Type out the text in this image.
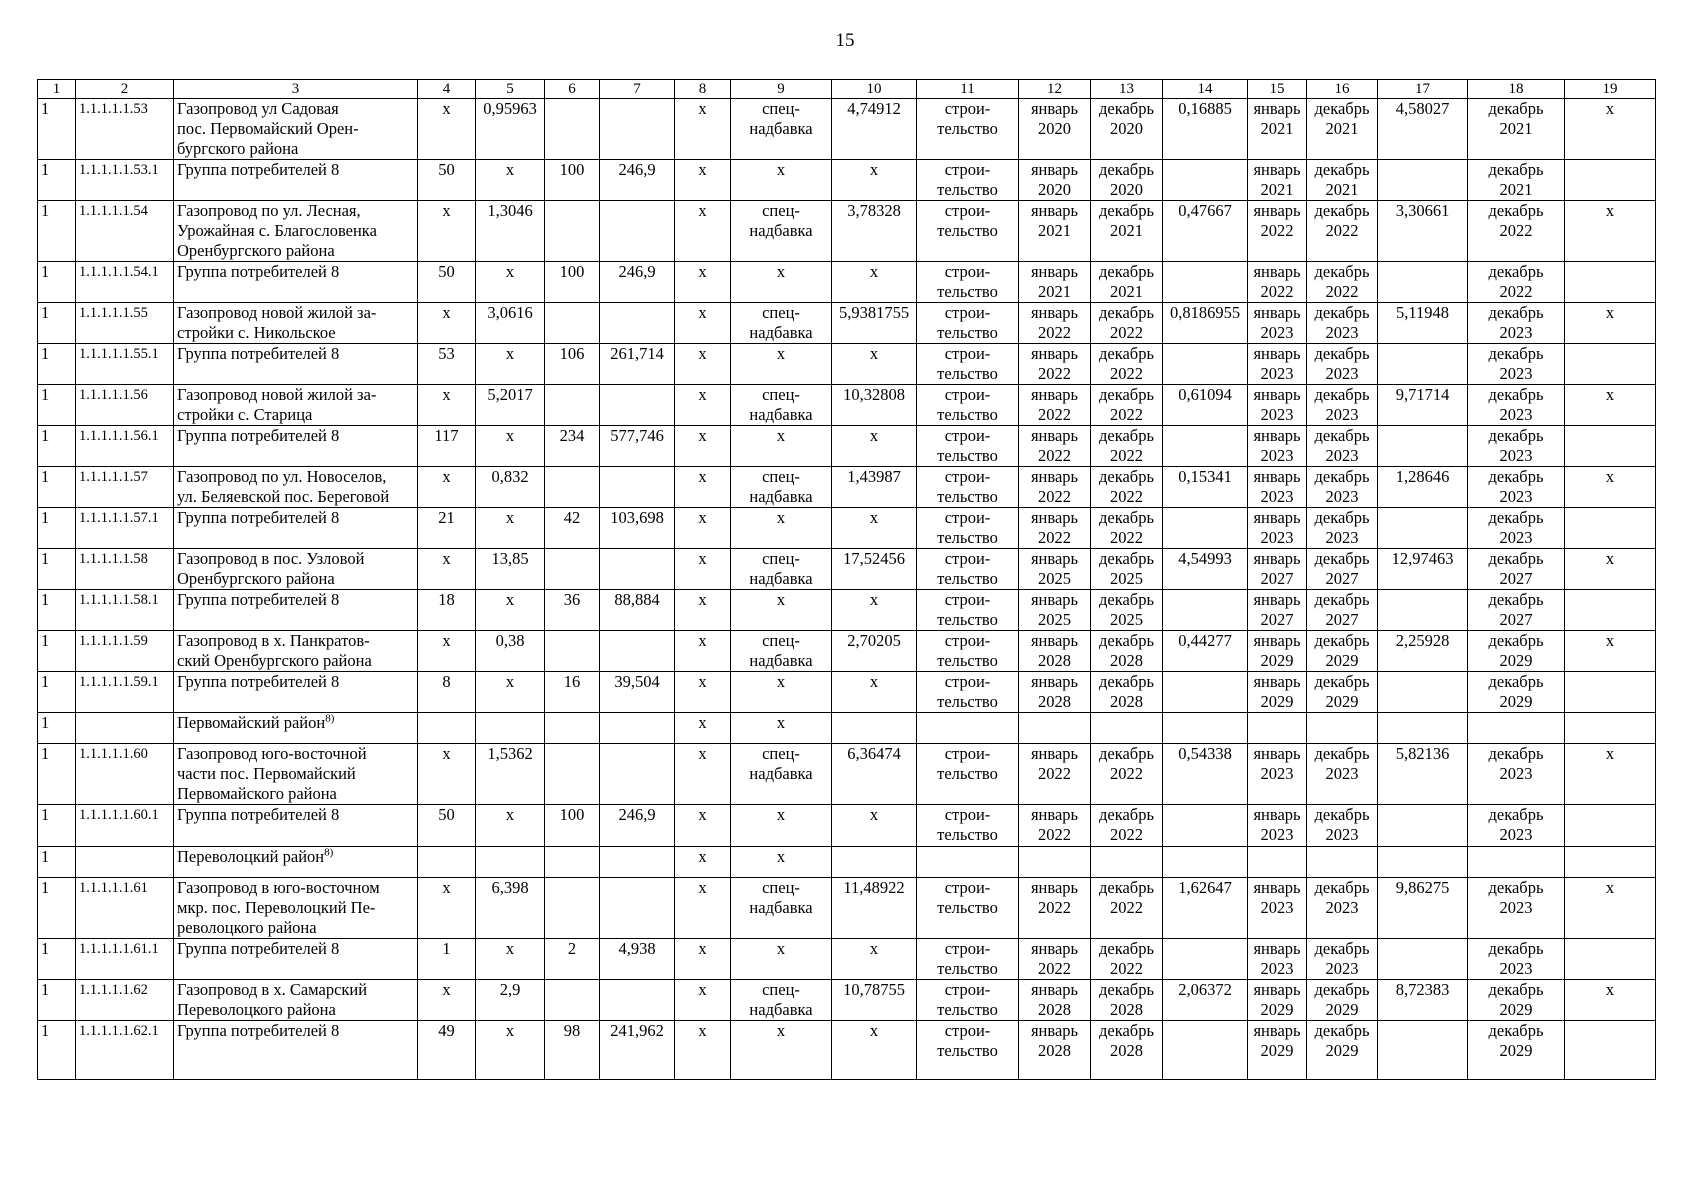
15
1	2	3	4	5	6	7	8	9	10	11	12	13	14	15	16	17	18	19
1	1.1.1.1.1.53	Газопровод ул Садовая
пос. Первомайский Орен-
бургского района	х	0,95963			х	спец-
надбавка	4,74912	строи-
тельство	январь
2020	декабрь
2020	0,16885	январь
2021	декабрь
2021	4,58027	декабрь
2021	х
1	1.1.1.1.1.53.1	Группа потребителей 8	50	х	100	246,9	х	х	х	строи-
тельство	январь
2020	декабрь
2020		январь
2021	декабрь
2021		декабрь
2021	
1	1.1.1.1.1.54	Газопровод по ул. Лесная,
Урожайная с. Благословенка
Оренбургского района	х	1,3046			х	спец-
надбавка	3,78328	строи-
тельство	январь
2021	декабрь
2021	0,47667	январь
2022	декабрь
2022	3,30661	декабрь
2022	х
1	1.1.1.1.1.54.1	Группа потребителей 8	50	х	100	246,9	х	х	х	строи-
тельство	январь
2021	декабрь
2021		январь
2022	декабрь
2022		декабрь
2022	
1	1.1.1.1.1.55	Газопровод новой жилой за-
стройки с. Никольское	х	3,0616			х	спец-
надбавка	5,9381755	строи-
тельство	январь
2022	декабрь
2022	0,8186955	январь
2023	декабрь
2023	5,11948	декабрь
2023	х
1	1.1.1.1.1.55.1	Группа потребителей 8	53	х	106	261,714	х	х	х	строи-
тельство	январь
2022	декабрь
2022		январь
2023	декабрь
2023		декабрь
2023	
1	1.1.1.1.1.56	Газопровод новой жилой за-
стройки с. Старица	х	5,2017			х	спец-
надбавка	10,32808	строи-
тельство	январь
2022	декабрь
2022	0,61094	январь
2023	декабрь
2023	9,71714	декабрь
2023	х
1	1.1.1.1.1.56.1	Группа потребителей 8	117	х	234	577,746	х	х	х	строи-
тельство	январь
2022	декабрь
2022		январь
2023	декабрь
2023		декабрь
2023	
1	1.1.1.1.1.57	Газопровод по ул. Новоселов,
ул. Беляевской пос. Береговой	х	0,832			х	спец-
надбавка	1,43987	строи-
тельство	январь
2022	декабрь
2022	0,15341	январь
2023	декабрь
2023	1,28646	декабрь
2023	х
1	1.1.1.1.1.57.1	Группа потребителей 8	21	х	42	103,698	х	х	х	строи-
тельство	январь
2022	декабрь
2022		январь
2023	декабрь
2023		декабрь
2023	
1	1.1.1.1.1.58	Газопровод в пос. Узловой
Оренбургского района	х	13,85			х	спец-
надбавка	17,52456	строи-
тельство	январь
2025	декабрь
2025	4,54993	январь
2027	декабрь
2027	12,97463	декабрь
2027	х
1	1.1.1.1.1.58.1	Группа потребителей 8	18	х	36	88,884	х	х	х	строи-
тельство	январь
2025	декабрь
2025		январь
2027	декабрь
2027		декабрь
2027	
1	1.1.1.1.1.59	Газопровод в х. Панкратов-
ский Оренбургского района	х	0,38			х	спец-
надбавка	2,70205	строи-
тельство	январь
2028	декабрь
2028	0,44277	январь
2029	декабрь
2029	2,25928	декабрь
2029	х
1	1.1.1.1.1.59.1	Группа потребителей 8	8	х	16	39,504	х	х	х	строи-
тельство	январь
2028	декабрь
2028		январь
2029	декабрь
2029		декабрь
2029	
1		Первомайский район$^{8)}$					х	х										
1	1.1.1.1.1.60	Газопровод юго-восточной
части пос. Первомайский
Первомайского района	х	1,5362			х	спец-
надбавка	6,36474	строи-
тельство	январь
2022	декабрь
2022	0,54338	январь
2023	декабрь
2023	5,82136	декабрь
2023	х
1	1.1.1.1.1.60.1	Группа потребителей 8	50	х	100	246,9	х	х	х	строи-
тельство	январь
2022	декабрь
2022		январь
2023	декабрь
2023		декабрь
2023	
1		Переволоцкий район$^{8)}$					х	х										
1	1.1.1.1.1.61	Газопровод в юго-восточном
мкр. пос. Переволоцкий Пе-
револоцкого района	х	6,398			х	спец-
надбавка	11,48922	строи-
тельство	январь
2022	декабрь
2022	1,62647	январь
2023	декабрь
2023	9,86275	декабрь
2023	х
1	1.1.1.1.1.61.1	Группа потребителей 8	1	х	2	4,938	х	х	х	строи-
тельство	январь
2022	декабрь
2022		январь
2023	декабрь
2023		декабрь
2023	
1	1.1.1.1.1.62	Газопровод в х. Самарский
Переволоцкого района	х	2,9			х	спец-
надбавка	10,78755	строи-
тельство	январь
2028	декабрь
2028	2,06372	январь
2029	декабрь
2029	8,72383	декабрь
2029	х
1	1.1.1.1.1.62.1	Группа потребителей 8	49	х	98	241,962	х	х	х	строи-
тельство	январь
2028	декабрь
2028		январь
2029	декабрь
2029		декабрь
2029	
